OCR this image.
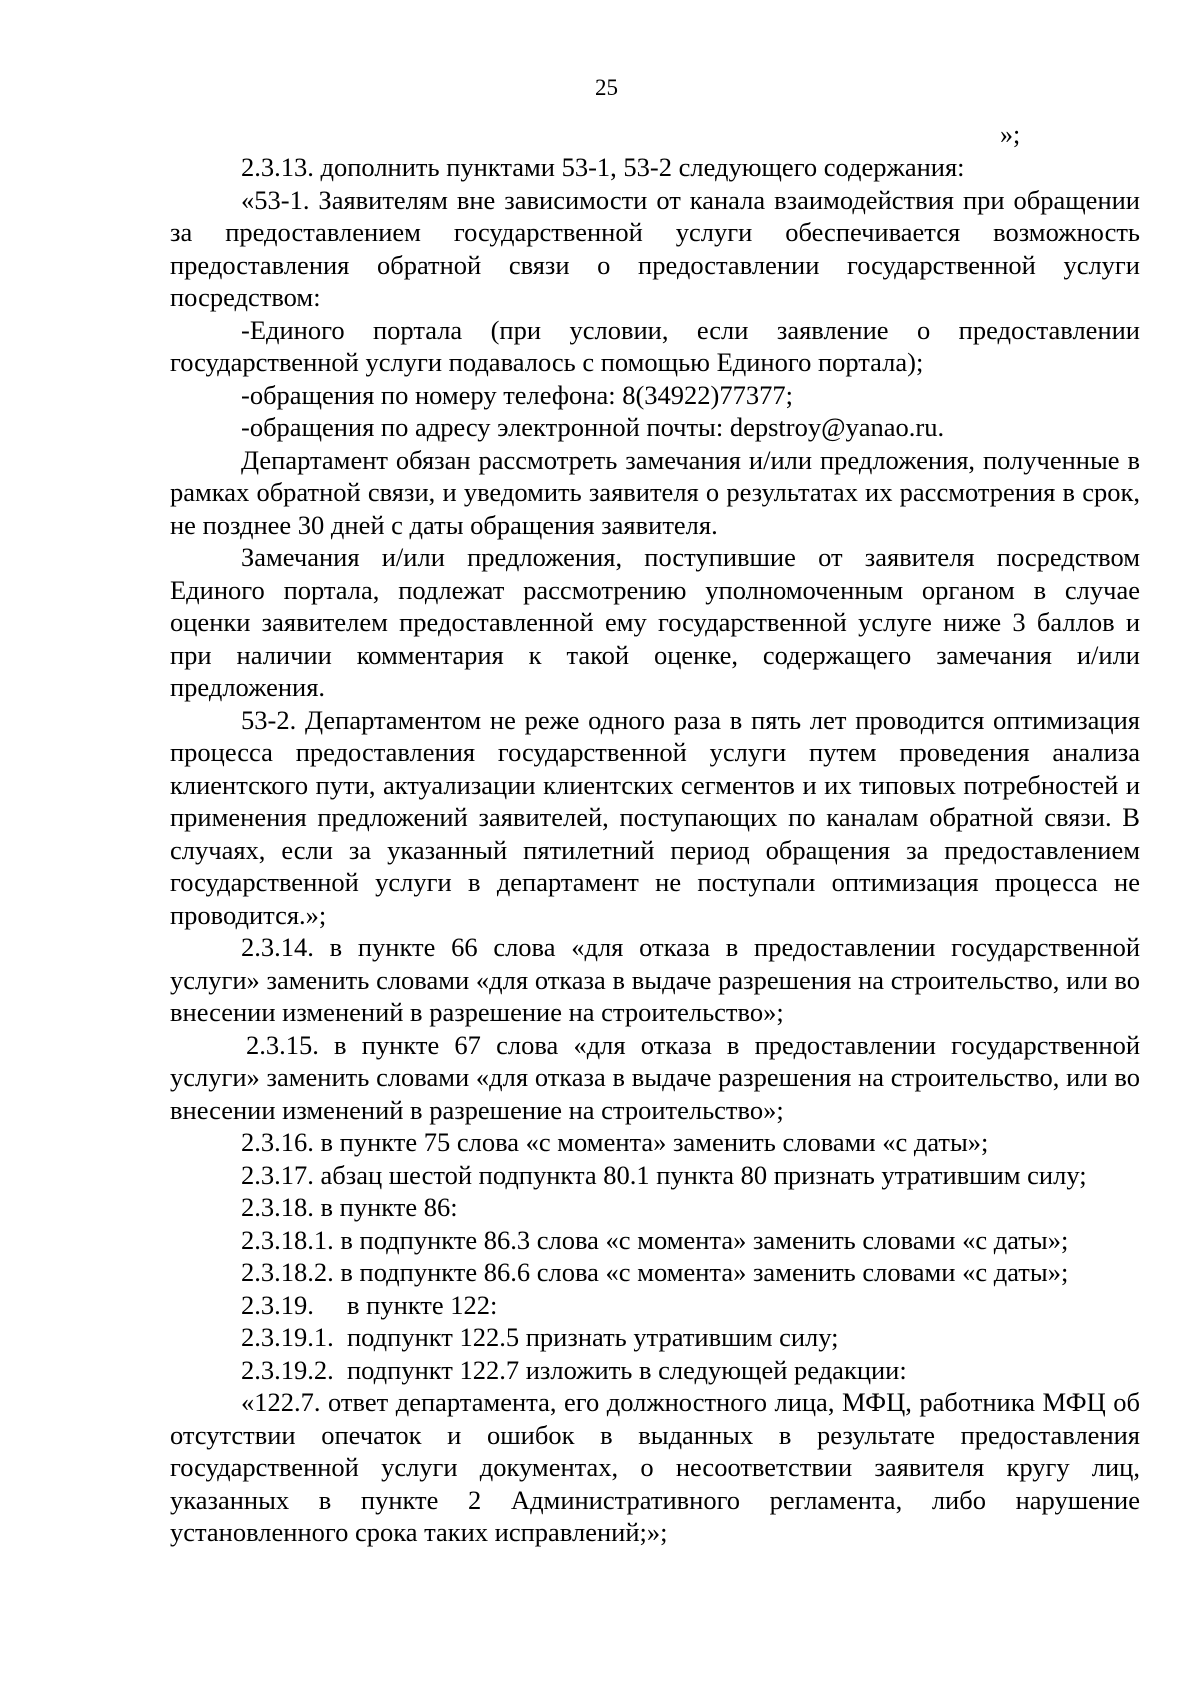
25
»;

2.3.13. дополнить пунктами 53-1, 53-2 следующего содержания:

«53-1. Заявителям вне зависимости от канала взаимодействия при обращении за предоставлением государственной услуги обеспечивается возможность предоставления обратной связи о предоставлении государственной услуги посредством:

-Единого портала (при условии, если заявление о предоставлении государственной услуги подавалось с помощью Единого портала);

-обращения по номеру телефона: 8(34922)77377;

-обращения по адресу электронной почты: depstroy@yanao.ru.

Департамент обязан рассмотреть замечания и/или предложения, полученные в рамках обратной связи, и уведомить заявителя о результатах их рассмотрения в срок, не позднее 30 дней с даты обращения заявителя.

Замечания и/или предложения, поступившие от заявителя посредством Единого портала, подлежат рассмотрению уполномоченным органом в случае оценки заявителем предоставленной ему государственной услуге ниже 3 баллов и при наличии комментария к такой оценке, содержащего замечания и/или предложения.

53-2. Департаментом не реже одного раза в пять лет проводится оптимизация процесса предоставления государственной услуги путем проведения анализа клиентского пути, актуализации клиентских сегментов и их типовых потребностей и применения предложений заявителей, поступающих по каналам обратной связи. В случаях, если за указанный пятилетний период обращения за предоставлением государственной услуги в департамент не поступали оптимизация процесса не проводится.»;

2.3.14. в пункте 66 слова «для отказа в предоставлении государственной услуги» заменить словами «для отказа в выдаче разрешения на строительство, или во внесении изменений в разрешение на строительство»;

2.3.15. в пункте 67 слова «для отказа в предоставлении государственной услуги» заменить словами «для отказа в выдаче разрешения на строительство, или во внесении изменений в разрешение на строительство»;

2.3.16. в пункте 75 слова «с момента» заменить словами «с даты»;

2.3.17. абзац шестой подпункта 80.1 пункта 80 признать утратившим силу;

2.3.18. в пункте 86:

2.3.18.1. в подпункте 86.3 слова «с момента» заменить словами «с даты»;

2.3.18.2. в подпункте 86.6 слова «с момента» заменить словами «с даты»;

2.3.19.     в пункте 122:

2.3.19.1.  подпункт 122.5 признать утратившим силу;

2.3.19.2.  подпункт 122.7 изложить в следующей редакции:

«122.7. ответ департамента, его должностного лица, МФЦ, работника МФЦ об отсутствии опечаток и ошибок в выданных в результате предоставления государственной услуги документах, о несоответствии заявителя кругу лиц, указанных в пункте 2 Административного регламента, либо нарушение установленного срока таких исправлений;»;
